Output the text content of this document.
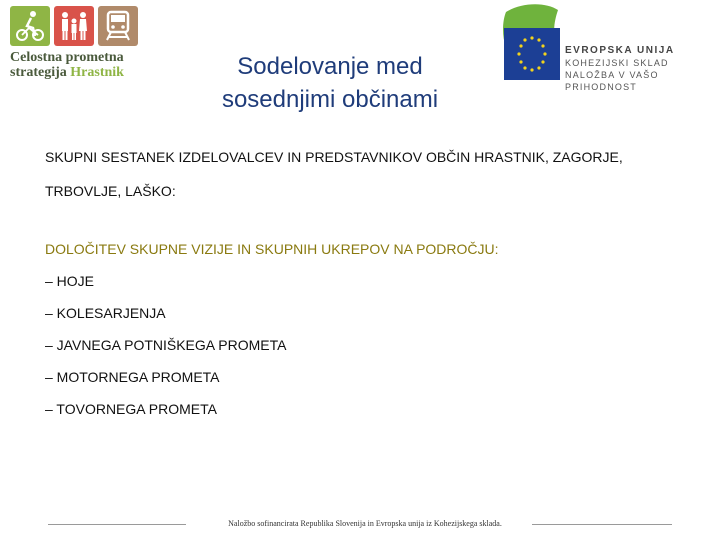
Celostna prometna
strategija Hrastnik	Sodelovanje med
sosednjimi občinami
EVROPSKA UNIJA
KOHEZIJSKI SKLAD
NALOŽBA V VAŠO PRIHODNOST

SKUPNI SESTANEK IZDELOVALCEV IN PREDSTAVNIKOV OBČIN HRASTNIK, ZAGORJE,

TRBOVLJE, LAŠKO:

DOLOČITEV SKUPNE VIZIJE IN SKUPNIH UKREPOV NA PODROČJU:
– HOJE
– KOLESARJENJA
– JAVNEGA POTNIŠKEGA PROMETA
– MOTORNEGA PROMETA
– TOVORNEGA PROMETA
Naložbo sofinancirata Republika Slovenija in Evropska unija iz Kohezijskega sklada.
